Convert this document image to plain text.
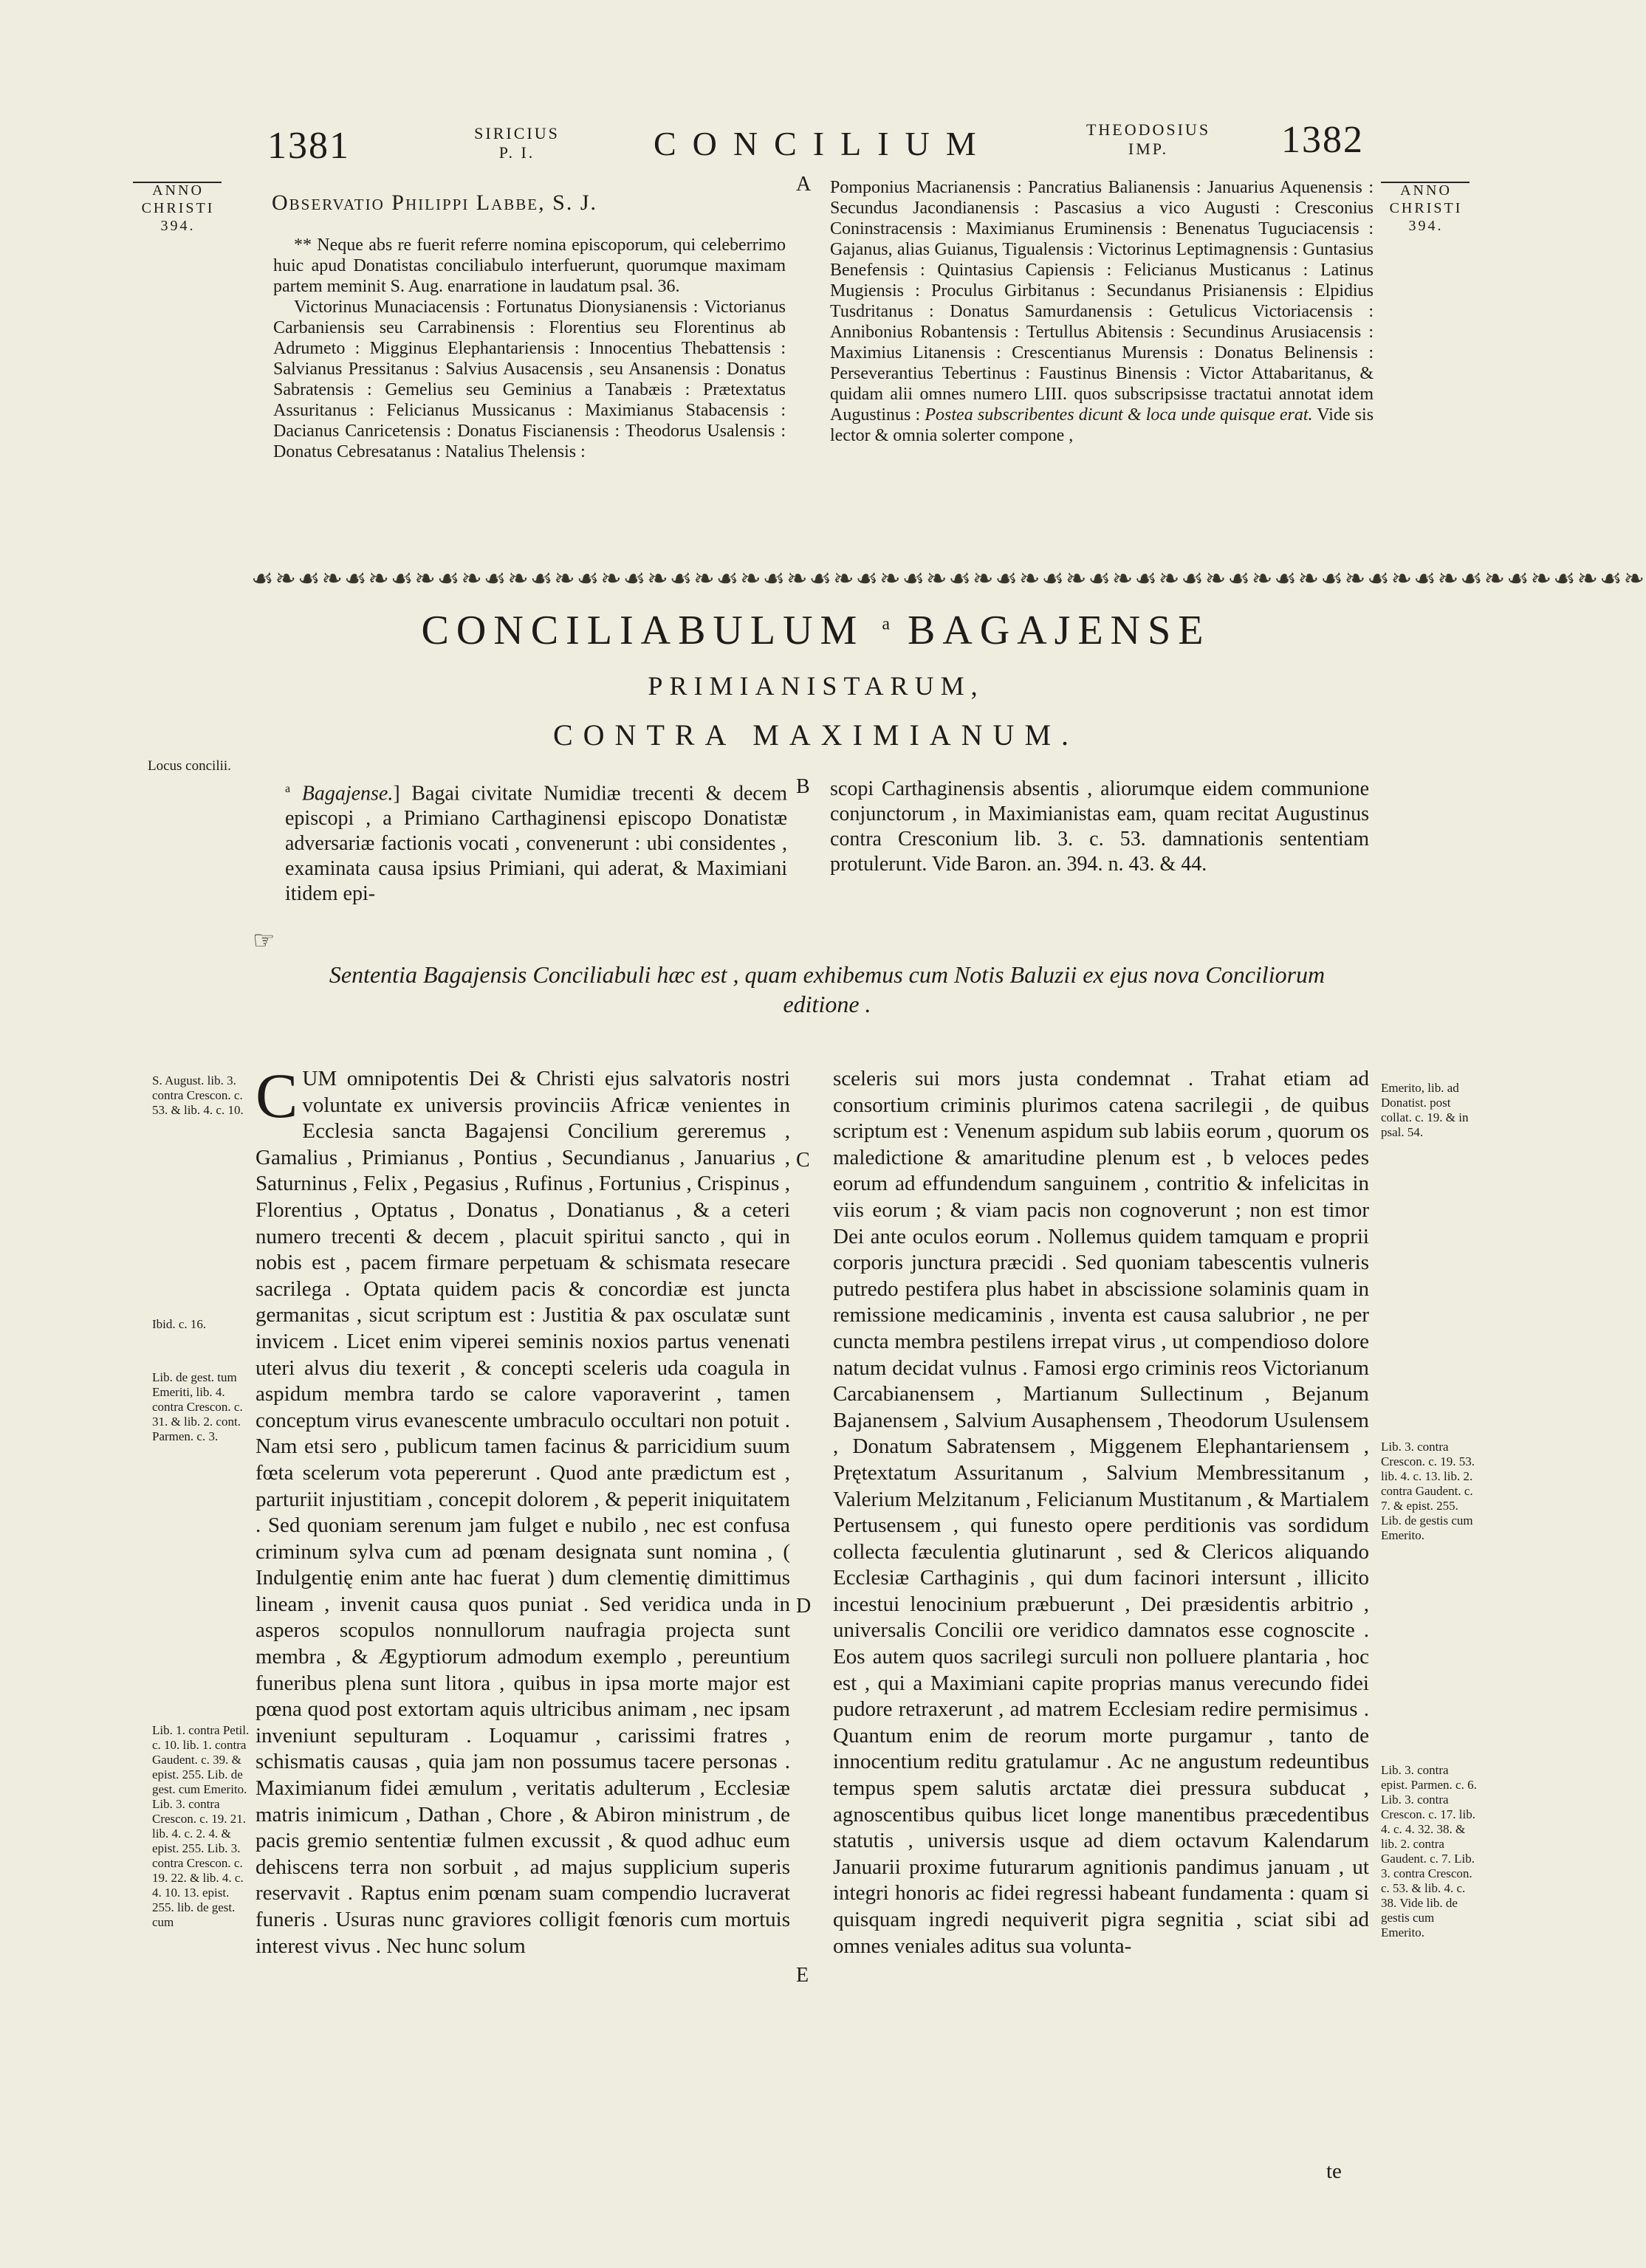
1381	SIRICIUS
P. I.	CONCILIUM	THEODOSIUS
IMP.	1382
ANNO
CHRISTI
394.
ANNO
CHRISTI
394.
Observatio Philippi Labbe, S. J.
A

** Neque abs re fuerit referre nomina episcoporum, qui celeberrimo huic apud Donatistas conciliabulo interfuerunt, quorumque maximam partem meminit S. Aug. enarratione in laudatum psal. 36.

Victorinus Munaciacensis : Fortunatus Dionysianensis : Victorianus Carbaniensis seu Carrabinensis : Florentius seu Florentinus ab Adrumeto : Migginus Elephantariensis : Innocentius Thebattensis : Salvianus Pressitanus : Salvius Ausacensis , seu Ansanensis : Donatus Sabratensis : Gemelius seu Geminius a Tanabæis : Prætextatus Assuritanus : Felicianus Mussicanus : Maximianus Stabacensis : Dacianus Canricetensis : Donatus Fiscianensis : Theodorus Usalensis : Donatus Cebresatanus : Natalius Thelensis :

Pomponius Macrianensis : Pancratius Balianensis : Januarius Aquenensis : Secundus Jacondianensis : Pascasius a vico Augusti : Cresconius Coninstracensis : Maximianus Eruminensis : Benenatus Tuguciacensis : Gajanus, alias Guianus, Tigualensis : Victorinus Leptimagnensis : Guntasius Benefensis : Quintasius Capiensis : Felicianus Musticanus : Latinus Mugiensis : Proculus Girbitanus : Secundanus Prisianensis : Elpidius Tusdritanus : Donatus Samurdanensis : Getulicus Victoriacensis : Annibonius Robantensis : Tertullus Abitensis : Secundinus Arusiacensis : Maximius Litanensis : Crescentianus Murensis : Donatus Belinensis : Perseverantius Tebertinus : Faustinus Binensis : Victor Attabaritanus, & quidam alii omnes numero LIII. quos subscripsisse tractatui annotat idem Augustinus : Postea subscribentes dicunt & loca unde quisque erat. Vide sis lector & omnia solerter compone ,

☙❧☙❧☙❧☙❧☙❧☙❧☙❧☙❧☙❧☙❧☙❧☙❧☙❧☙❧☙❧☙❧☙❧☙❧☙❧☙❧☙❧☙❧☙❧☙❧☙❧☙❧☙❧☙❧☙❧☙❧
CONCILIABULUM $^a$ BAGAJENSE
PRIMIANISTARUM,
CONTRA MAXIMIANUM.
Locus concilii.

$^a$ Bagajense.] Bagai civitate Numidiæ trecenti & decem episcopi , a Primiano Carthaginensi episcopo Donatistæ adversariæ factionis vocati , convenerunt : ubi considentes , examinata causa ipsius Primiani, qui aderat, & Maximiani itidem epi-

B scopi Carthaginensis absentis , aliorumque eidem communione conjunctorum , in Maximianistas eam, quam recitat Augustinus contra Cresconium lib. 3. c. 53. damnationis sententiam protulerunt. Vide Baron. an. 394. n. 43. & 44.
☞
Sententia Bagajensis Conciliabuli hæc est , quam exhibemus cum Notis Baluzii ex ejus nova Conciliorum editione .

CUM omnipotentis Dei & Christi ejus salvatoris nostri voluntate ex universis provinciis Africæ venientes in Ecclesia sancta Bagajensi Concilium gereremus , Gamalius , Primianus , Pontius , Secundianus , Januarius , Saturninus , Felix , Pegasius , Rufinus , Fortunius , Crispinus , Florentius , Optatus , Donatus , Donatianus , & a ceteri numero trecenti & decem , placuit spiritui sancto , qui in nobis est , pacem firmare perpetuam & schismata resecare sacrilega . Optata quidem pacis & concordiæ est juncta germanitas , sicut scriptum est : Justitia & pax osculatæ sunt invicem . Licet enim viperei seminis noxios partus venenati uteri alvus diu texerit , & concepti sceleris uda coagula in aspidum membra tardo se calore vaporaverint , tamen conceptum virus evanescente umbraculo occultari non potuit . Nam etsi sero , publicum tamen facinus & parricidium suum fœta scelerum vota pepererunt . Quod ante prædictum est , parturiit injustitiam , concepit dolorem , & peperit iniquitatem . Sed quoniam serenum jam fulget e nubilo , nec est confusa criminum sylva cum ad pœnam designata sunt nomina , ( Indulgentię enim ante hac fuerat ) dum clementię dimittimus lineam , invenit causa quos puniat . Sed veridica unda in asperos scopulos nonnullorum naufragia projecta sunt membra , & Ægyptiorum admodum exemplo , pereuntium funeribus plena sunt litora , quibus in ipsa morte major est pœna quod post extortam aquis ultricibus animam , nec ipsam inveniunt sepulturam . Loquamur , carissimi fratres , schismatis causas , quia jam non possumus tacere personas . Maximianum fidei æmulum , veritatis adulterum , Ecclesiæ matris inimicum , Dathan , Chore , & Abiron ministrum , de pacis gremio sententiæ fulmen excussit , & quod adhuc eum dehiscens terra non sorbuit , ad majus supplicium superis reservavit . Raptus enim pœnam suam compendio lucraverat funeris . Usuras nunc graviores colligit fœnoris cum mortuis interest vivus . Nec hunc solum

C
D
E

sceleris sui mors justa condemnat . Trahat etiam ad consortium criminis plurimos catena sacrilegii , de quibus scriptum est : Venenum aspidum sub labiis eorum , quorum os maledictione & amaritudine plenum est , b veloces pedes eorum ad effundendum sanguinem , contritio & infelicitas in viis eorum ; & viam pacis non cognoverunt ; non est timor Dei ante oculos eorum . Nollemus quidem tamquam e proprii corporis junctura præcidi . Sed quoniam tabescentis vulneris putredo pestifera plus habet in abscissione solaminis quam in remissione medicaminis , inventa est causa salubrior , ne per cuncta membra pestilens irrepat virus , ut compendioso dolore natum decidat vulnus . Famosi ergo criminis reos Victorianum Carcabianensem , Martianum Sullectinum , Bejanum Bajanensem , Salvium Ausaphensem , Theodorum Usulensem , Donatum Sabratensem , Miggenem Elephantariensem , Prętextatum Assuritanum , Salvium Membressitanum , Valerium Melzitanum , Felicianum Mustitanum , & Martialem Pertusensem , qui funesto opere perditionis vas sordidum collecta fæculentia glutinarunt , sed & Clericos aliquando Ecclesiæ Carthaginis , qui dum facinori intersunt , illicito incestui lenocinium præbuerunt , Dei præsidentis arbitrio , universalis Concilii ore veridico damnatos esse cognoscite . Eos autem quos sacrilegi surculi non polluere plantaria , hoc est , qui a Maximiani capite proprias manus verecundo fidei pudore retraxerunt , ad matrem Ecclesiam redire permisimus . Quantum enim de reorum morte purgamur , tanto de innocentium reditu gratulamur . Ac ne angustum redeuntibus tempus spem salutis arctatæ diei pressura subducat , agnoscentibus quibus licet longe manentibus præcedentibus statutis , universis usque ad diem octavum Kalendarum Januarii proxime futurarum agnitionis pandimus januam , ut integri honoris ac fidei regressi habeant fundamenta : quam si quisquam ingredi nequiverit pigra segnitia , sciat sibi ad omnes veniales aditus sua volunta-

te
S. August. lib. 3. contra Crescon. c. 53. & lib. 4. c. 10.
Ibid. c. 16.
Lib. de gest. tum Emeriti, lib. 4. contra Crescon. c. 31. & lib. 2. cont. Parmen. c. 3.
Lib. 1. contra Petil. c. 10. lib. 1. contra Gaudent. c. 39. & epist. 255. Lib. de gest. cum Emerito. Lib. 3. contra Crescon. c. 19. 21. lib. 4. c. 2. 4. & epist. 255. Lib. 3. contra Crescon. c. 19. 22. & lib. 4. c. 4. 10. 13. epist. 255. lib. de gest. cum
Emerito, lib. ad Donatist. post collat. c. 19. & in psal. 54.
Lib. 3. contra Crescon. c. 19. 53. lib. 4. c. 13. lib. 2. contra Gaudent. c. 7. & epist. 255. Lib. de gestis cum Emerito.
Lib. 3. contra epist. Parmen. c. 6. Lib. 3. contra Crescon. c. 17. lib. 4. c. 4. 32. 38. & lib. 2. contra Gaudent. c. 7. Lib. 3. contra Crescon. c. 53. & lib. 4. c. 38. Vide lib. de gestis cum Emerito.
